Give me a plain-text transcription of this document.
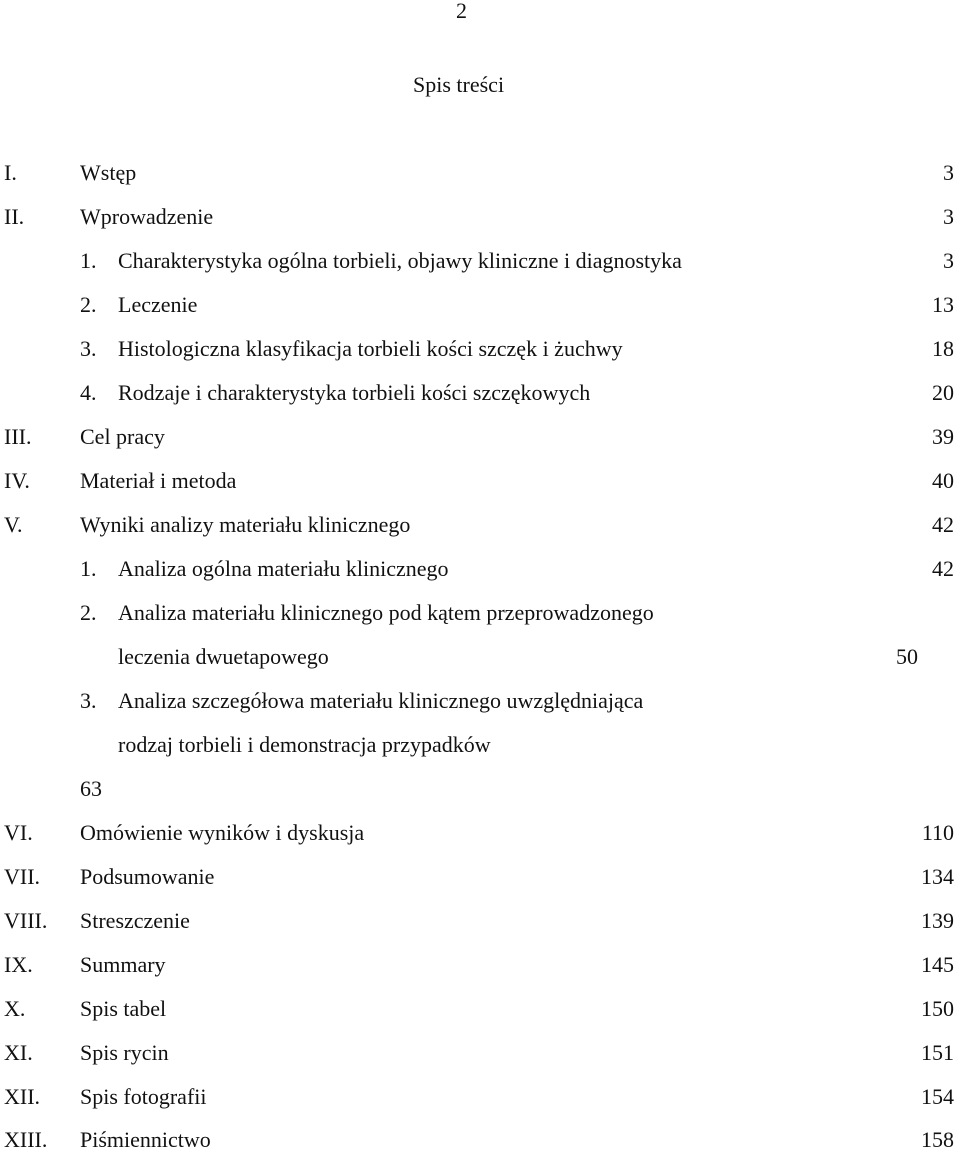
2
Spis treści
I.	Wstęp	3
II.	Wprowadzenie	3
1. Charakterystyka ogólna torbieli, objawy kliniczne i diagnostyka	3
2. Leczenie	13
3. Histologiczna klasyfikacja torbieli kości szczęk i żuchwy	18
4. Rodzaje i charakterystyka torbieli kości szczękowych	20
III. Cel pracy	39
IV. Materiał i metoda	40
V.	Wyniki analizy materiału klinicznego	42
1. Analiza ogólna materiału klinicznego	42
2. Analiza materiału klinicznego pod kątem przeprowadzonego
leczenia dwuetapowego	50
3. Analiza szczegółowa materiału klinicznego uwzględniająca
rodzaj torbieli i demonstracja przypadków
63
VI. Omówienie wyników i dyskusja	110
VII. Podsumowanie	134
VIII. Streszczenie	139
IX. Summary	145
X. Spis tabel	150
XI. Spis rycin	151
XII. Spis fotografii	154
XIII. Piśmiennictwo	158
